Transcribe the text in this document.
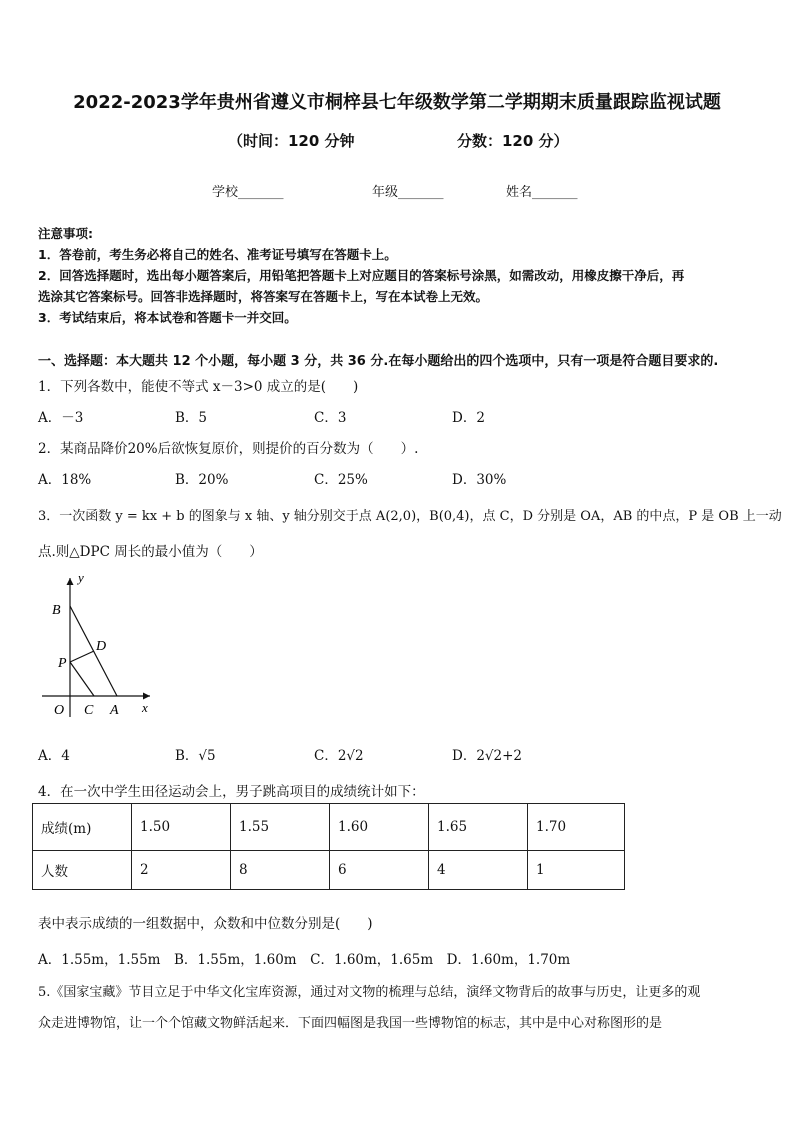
2022-2023学年贵州省遵义市桐梓县七年级数学第二学期期末质量跟踪监视试题
（时间：120 分钟	分数：120 分）
学校_______	年级_______	姓名_______
注意事项:
1．答卷前，考生务必将自己的姓名、准考证号填写在答题卡上。
2．回答选择题时，选出每小题答案后，用铅笔把答题卡上对应题目的答案标号涂黑，如需改动，用橡皮擦干净后，再
选涂其它答案标号。回答非选择题时，将答案写在答题卡上，写在本试卷上无效。
3．考试结束后，将本试卷和答题卡一并交回。
一、选择题：本大题共 12 个小题，每小题 3 分，共 36 分.在每小题给出的四个选项中，只有一项是符合题目要求的.
1．下列各数中，能使不等式 x－3>0 成立的是(　　)
A．－3	B．5	C．3	D．2
2．某商品降价20%后欲恢复原价，则提价的百分数为（　　）.
A．18%	B．20%	C．25%	D．30%
3．一次函数 y = kx + b 的图象与 x 轴、y 轴分别交于点 A(2,0)，B(0,4)，点 C，D 分别是 OA，AB 的中点，P 是 OB 上一动
点.则△DPC 周长的最小值为（　　）
y
B
D
P
O C A x
A．4	B．√5	C．2√2	D．2√2+2
4．在一次中学生田径运动会上，男子跳高项目的成绩统计如下：
成绩(m)	1.50	1.55	1.60	1.65	1.70
人数	2	8	6	4	1
表中表示成绩的一组数据中，众数和中位数分别是(　　)
A．1.55m，1.55m　B．1.55m，1.60m　C．1.60m，1.65m　D．1.60m，1.70m
5.《国家宝藏》节目立足于中华文化宝库资源，通过对文物的梳理与总结，演绎文物背后的故事与历史，让更多的观
众走进博物馆，让一个个馆藏文物鲜活起来．下面四幅图是我国一些博物馆的标志，其中是中心对称图形的是
